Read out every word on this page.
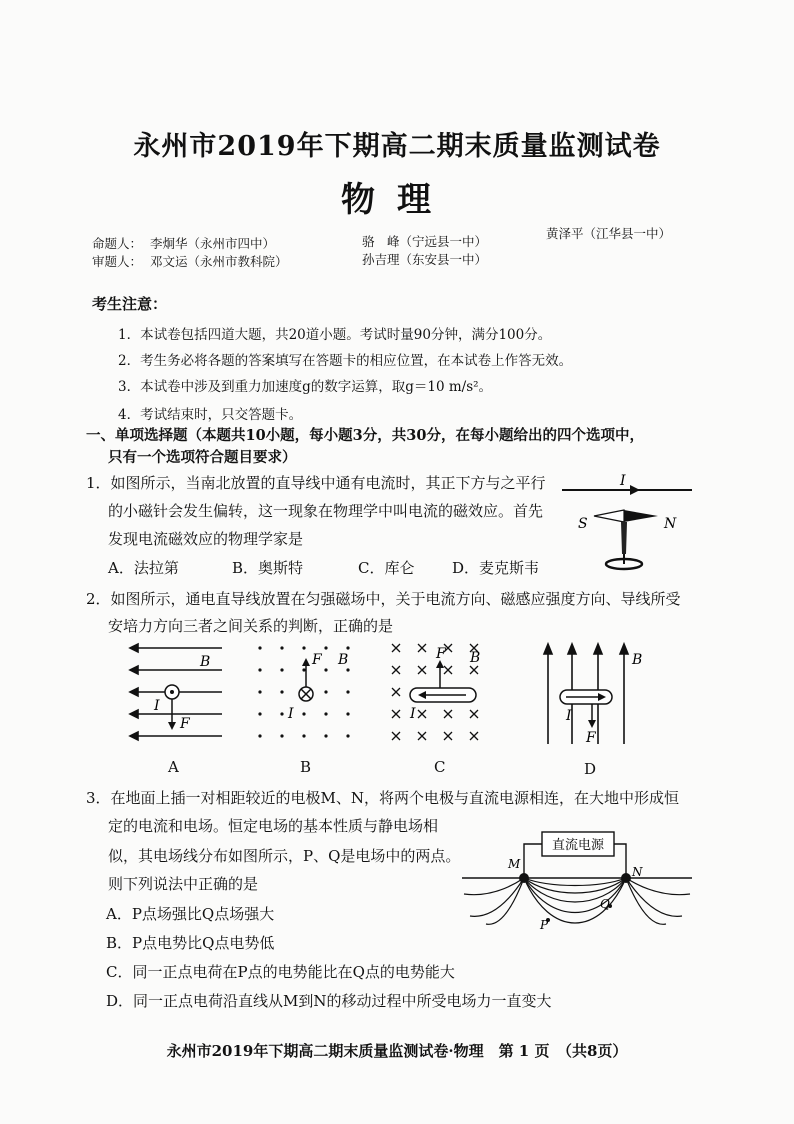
永州市2019年下期高二期末质量监测试卷
物理
命题人： 李炯华（永州市四中）	骆　峰（宁远县一中）
黄泽平（江华县一中）
审题人： 邓文运（永州市教科院）	孙吉理（东安县一中）
考生注意：
1．本试卷包括四道大题，共20道小题。考试时量90分钟，满分100分。
2．考生务必将各题的答案填写在答题卡的相应位置，在本试卷上作答无效。
3．本试卷中涉及到重力加速度g的数字运算，取g＝10 m/s²。
4．考试结束时，只交答题卡。
一、单项选择题（本题共10小题，每小题3分，共30分，在每小题给出的四个选项中，
只有一个选项符合题目要求）
1．如图所示，当南北放置的直导线中通有电流时，其正下方与之平行
的小磁针会发生偏转，这一现象在物理学中叫电流的磁效应。首先
发现电流磁效应的物理学家是
A．法拉第	B．奥斯特	C．库仑	D．麦克斯韦
I
S	N
2．如图所示，通电直导线放置在匀强磁场中，关于电流方向、磁感应强度方向、导线所受
安培力方向三者之间关系的判断，正确的是
B
F
I
A
F B
I
B
F B
I
C
B
F
I
D
3．在地面上插一对相距较近的电极M、N，将两个电极与直流电源相连，在大地中形成恒
定的电流和电场。恒定电场的基本性质与静电场相
似，其电场线分布如图所示，P、Q是电场中的两点。
则下列说法中正确的是
A．P点场强比Q点场强大
B．P点电势比Q点电势低
C．同一正点电荷在P点的电势能比在Q点的电势能大
D．同一正点电荷沿直线从M到N的移动过程中所受电场力一直变大
直流电源
M
N
P
Q
永州市2019年下期高二期末质量监测试卷·物理　第 1 页　（共8页）
